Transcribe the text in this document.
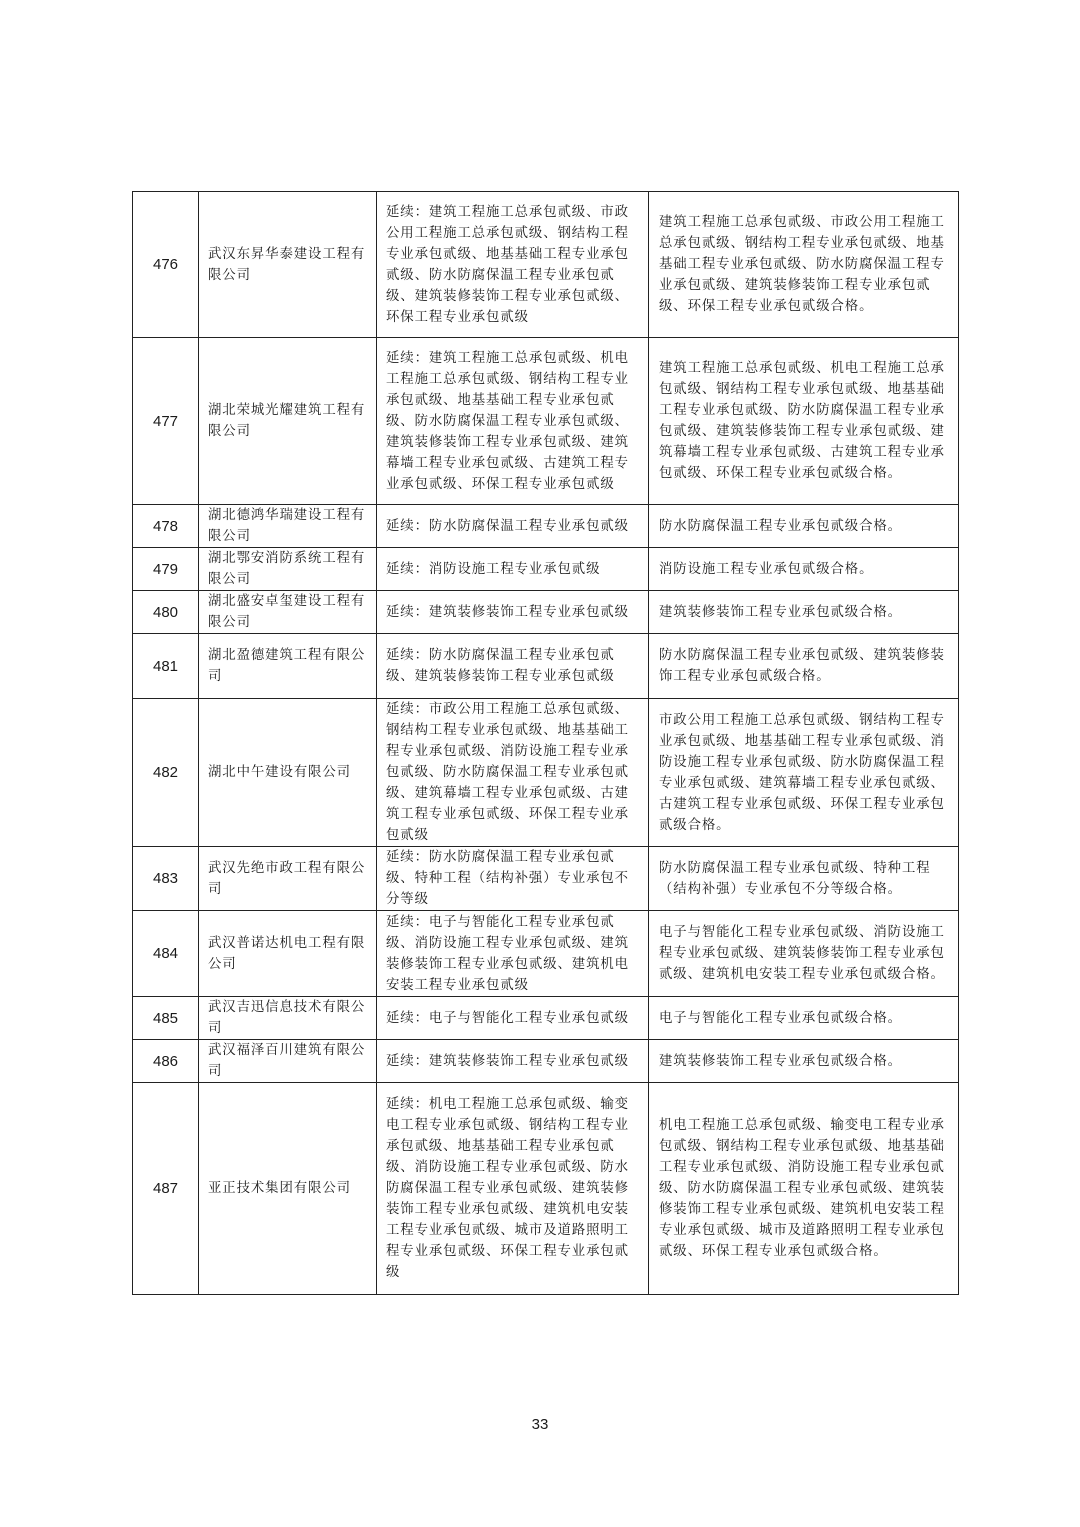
476	武汉东昇华泰建设工程有限公司	延续：建筑工程施工总承包贰级、市政公用工程施工总承包贰级、钢结构工程专业承包贰级、地基基础工程专业承包贰级、防水防腐保温工程专业承包贰级、建筑装修装饰工程专业承包贰级、环保工程专业承包贰级	建筑工程施工总承包贰级、市政公用工程施工总承包贰级、钢结构工程专业承包贰级、地基基础工程专业承包贰级、防水防腐保温工程专业承包贰级、建筑装修装饰工程专业承包贰级、环保工程专业承包贰级合格。
477	湖北荣城光耀建筑工程有限公司	延续：建筑工程施工总承包贰级、机电工程施工总承包贰级、钢结构工程专业承包贰级、地基基础工程专业承包贰级、防水防腐保温工程专业承包贰级、建筑装修装饰工程专业承包贰级、建筑幕墙工程专业承包贰级、古建筑工程专业承包贰级、环保工程专业承包贰级	建筑工程施工总承包贰级、机电工程施工总承包贰级、钢结构工程专业承包贰级、地基基础工程专业承包贰级、防水防腐保温工程专业承包贰级、建筑装修装饰工程专业承包贰级、建筑幕墙工程专业承包贰级、古建筑工程专业承包贰级、环保工程专业承包贰级合格。
478	湖北德鸿华瑞建设工程有限公司	延续：防水防腐保温工程专业承包贰级	防水防腐保温工程专业承包贰级合格。
479	湖北鄂安消防系统工程有限公司	延续：消防设施工程专业承包贰级	消防设施工程专业承包贰级合格。
480	湖北盛安卓玺建设工程有限公司	延续：建筑装修装饰工程专业承包贰级	建筑装修装饰工程专业承包贰级合格。
481	湖北盈德建筑工程有限公司	延续：防水防腐保温工程专业承包贰级、建筑装修装饰工程专业承包贰级	防水防腐保温工程专业承包贰级、建筑装修装饰工程专业承包贰级合格。
482	湖北中午建设有限公司	延续：市政公用工程施工总承包贰级、钢结构工程专业承包贰级、地基基础工程专业承包贰级、消防设施工程专业承包贰级、防水防腐保温工程专业承包贰级、建筑幕墙工程专业承包贰级、古建筑工程专业承包贰级、环保工程专业承包贰级	市政公用工程施工总承包贰级、钢结构工程专业承包贰级、地基基础工程专业承包贰级、消防设施工程专业承包贰级、防水防腐保温工程专业承包贰级、建筑幕墙工程专业承包贰级、古建筑工程专业承包贰级、环保工程专业承包贰级合格。
483	武汉先绝市政工程有限公司	延续：防水防腐保温工程专业承包贰级、特种工程（结构补强）专业承包不分等级	防水防腐保温工程专业承包贰级、特种工程（结构补强）专业承包不分等级合格。
484	武汉普诺达机电工程有限公司	延续：电子与智能化工程专业承包贰级、消防设施工程专业承包贰级、建筑装修装饰工程专业承包贰级、建筑机电安装工程专业承包贰级	电子与智能化工程专业承包贰级、消防设施工程专业承包贰级、建筑装修装饰工程专业承包贰级、建筑机电安装工程专业承包贰级合格。
485	武汉吉迅信息技术有限公司	延续：电子与智能化工程专业承包贰级	电子与智能化工程专业承包贰级合格。
486	武汉福泽百川建筑有限公司	延续：建筑装修装饰工程专业承包贰级	建筑装修装饰工程专业承包贰级合格。
487	亚正技术集团有限公司	延续：机电工程施工总承包贰级、输变电工程专业承包贰级、钢结构工程专业承包贰级、地基基础工程专业承包贰级、消防设施工程专业承包贰级、防水防腐保温工程专业承包贰级、建筑装修装饰工程专业承包贰级、建筑机电安装工程专业承包贰级、城市及道路照明工程专业承包贰级、环保工程专业承包贰级	机电工程施工总承包贰级、输变电工程专业承包贰级、钢结构工程专业承包贰级、地基基础工程专业承包贰级、消防设施工程专业承包贰级、防水防腐保温工程专业承包贰级、建筑装修装饰工程专业承包贰级、建筑机电安装工程专业承包贰级、城市及道路照明工程专业承包贰级、环保工程专业承包贰级合格。
33
